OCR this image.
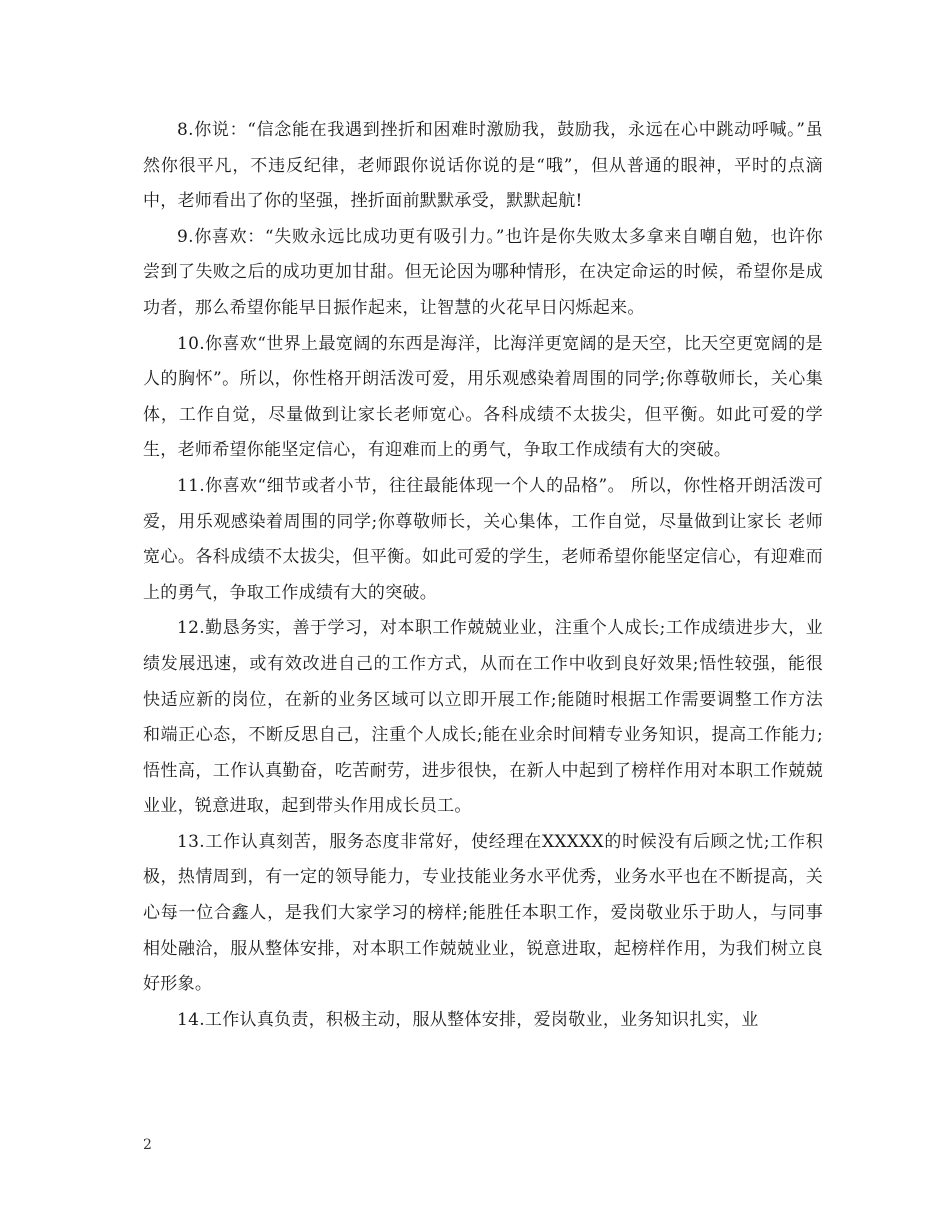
8.你说：“信念能在我遇到挫折和困难时激励我，鼓励我，永远在心中跳动呼喊。”虽然你很平凡，不违反纪律，老师跟你说话你说的是“哦”，但从普通的眼神，平时的点滴中，老师看出了你的坚强，挫折面前默默承受，默默起航!

9.你喜欢：“失败永远比成功更有吸引力。”也许是你失败太多拿来自嘲自勉，也许你尝到了失败之后的成功更加甘甜。但无论因为哪种情形，在决定命运的时候，希望你是成功者，那么希望你能早日振作起来，让智慧的火花早日闪烁起来。

10.你喜欢“世界上最宽阔的东西是海洋，比海洋更宽阔的是天空，比天空更宽阔的是人的胸怀”。所以，你性格开朗活泼可爱，用乐观感染着周围的同学;你尊敬师长，关心集体，工作自觉，尽量做到让家长老师宽心。各科成绩不太拔尖，但平衡。如此可爱的学生，老师希望你能坚定信心，有迎难而上的勇气，争取工作成绩有大的突破。

11.你喜欢“细节或者小节，往往最能体现一个人的品格”。 所以，你性格开朗活泼可爱，用乐观感染着周围的同学;你尊敬师长，关心集体，工作自觉，尽量做到让家长 老师宽心。各科成绩不太拔尖，但平衡。如此可爱的学生，老师希望你能坚定信心，有迎难而上的勇气，争取工作成绩有大的突破。

12.勤恳务实，善于学习，对本职工作兢兢业业，注重个人成长;工作成绩进步大，业绩发展迅速，或有效改进自己的工作方式，从而在工作中收到良好效果;悟性较强，能很快适应新的岗位，在新的业务区域可以立即开展工作;能随时根据工作需要调整工作方法和端正心态，不断反思自己，注重个人成长;能在业余时间精专业务知识，提高工作能力;悟性高，工作认真勤奋，吃苦耐劳，进步很快，在新人中起到了榜样作用对本职工作兢兢业业，锐意进取，起到带头作用成长员工。

13.工作认真刻苦，服务态度非常好，使经理在XXXXX的时候没有后顾之忧;工作积极，热情周到，有一定的领导能力，专业技能业务水平优秀，业务水平也在不断提高，关心每一位合鑫人，是我们大家学习的榜样;能胜任本职工作，爱岗敬业乐于助人，与同事相处融洽，服从整体安排，对本职工作兢兢业业，锐意进取，起榜样作用，为我们树立良好形象。

14.工作认真负责，积极主动，服从整体安排，爱岗敬业，业务知识扎实，业

2
